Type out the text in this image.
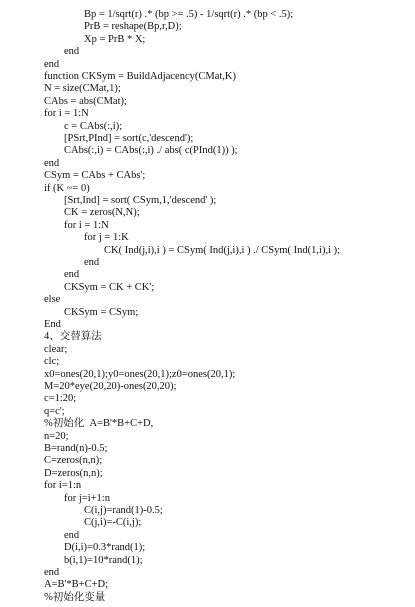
Bp = 1/sqrt(r) .* (bp >= .5) - 1/sqrt(r) .* (bp < .5);
PrB = reshape(Bp,r,D);
Xp = PrB * X;
end
end
function CKSym = BuildAdjacency(CMat,K)
N = size(CMat,1);
CAbs = abs(CMat);
for i = 1:N
c = CAbs(:,i);
[PSrt,PInd] = sort(c,'descend');
CAbs(:,i) = CAbs(:,i) ./ abs( c(PInd(1)) );
end
CSym = CAbs + CAbs';
if (K ~= 0)
[Srt,Ind] = sort( CSym,1,'descend' );
CK = zeros(N,N);
for i = 1:N
for j = 1:K
CK( Ind(j,i),i ) = CSym( Ind(j,i),i ) ./ CSym( Ind(1,i),i );
end
end
CKSym = CK + CK';
else
CKSym = CSym;
End
4、交替算法
clear;
clc;
x0=ones(20,1);y0=ones(20,1);z0=ones(20,1);
M=20*eye(20,20)-ones(20,20);
c=1:20;
q=c';
%初始化  A=B'*B+C+D,
n=20;
B=rand(n)-0.5;
C=zeros(n,n);
D=zeros(n,n);
for i=1:n
for j=i+1:n
C(i,j)=rand(1)-0.5;
C(j,i)=-C(i,j);
end
D(i,i)=0.3*rand(1);
b(i,1)=10*rand(1);
end
A=B'*B+C+D;
%初始化变量
